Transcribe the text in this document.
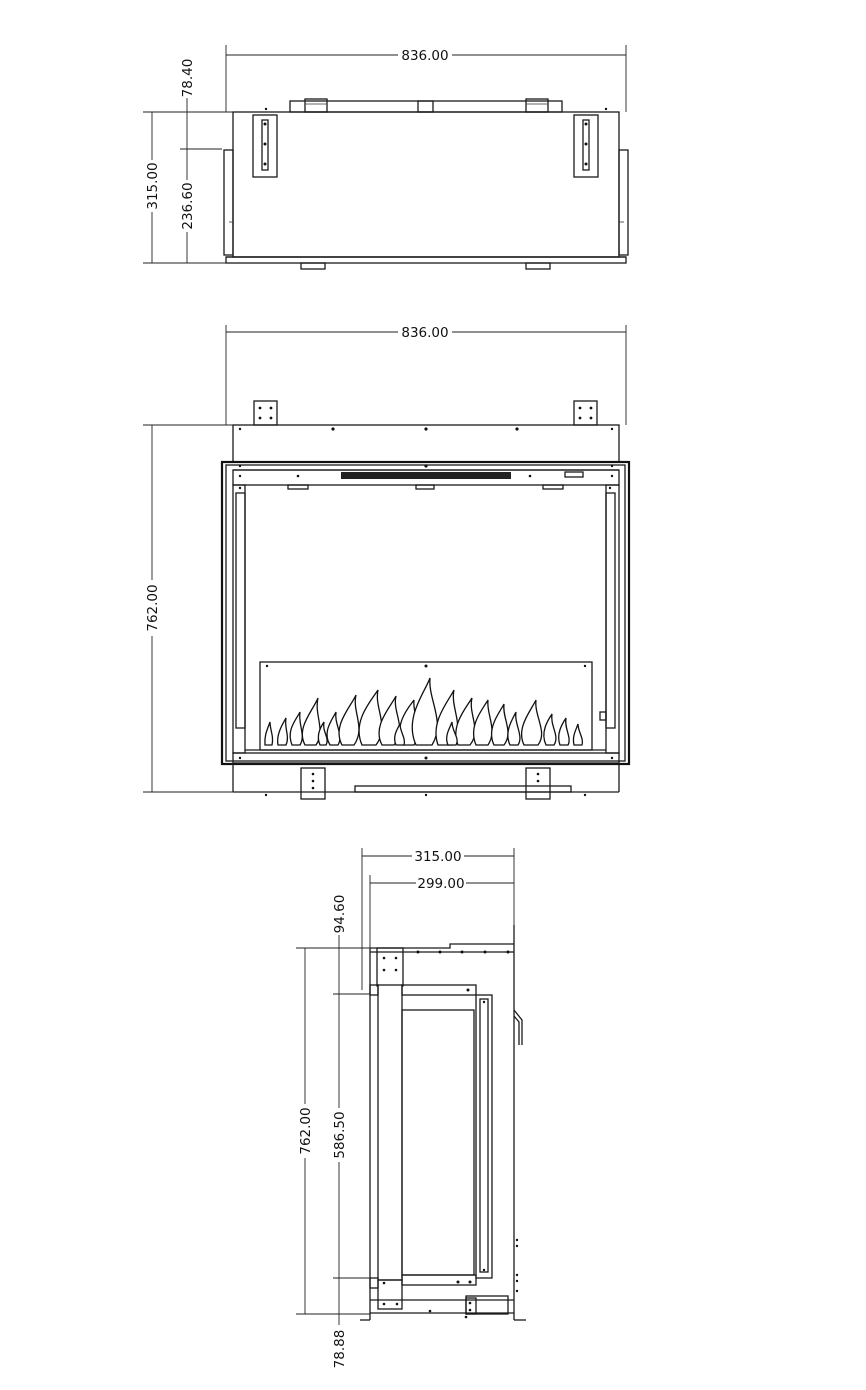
836.00
315.00
78.40
236.60
836.00
762.00
315.00
299.00
762.00
94.60
586.50
78.88
